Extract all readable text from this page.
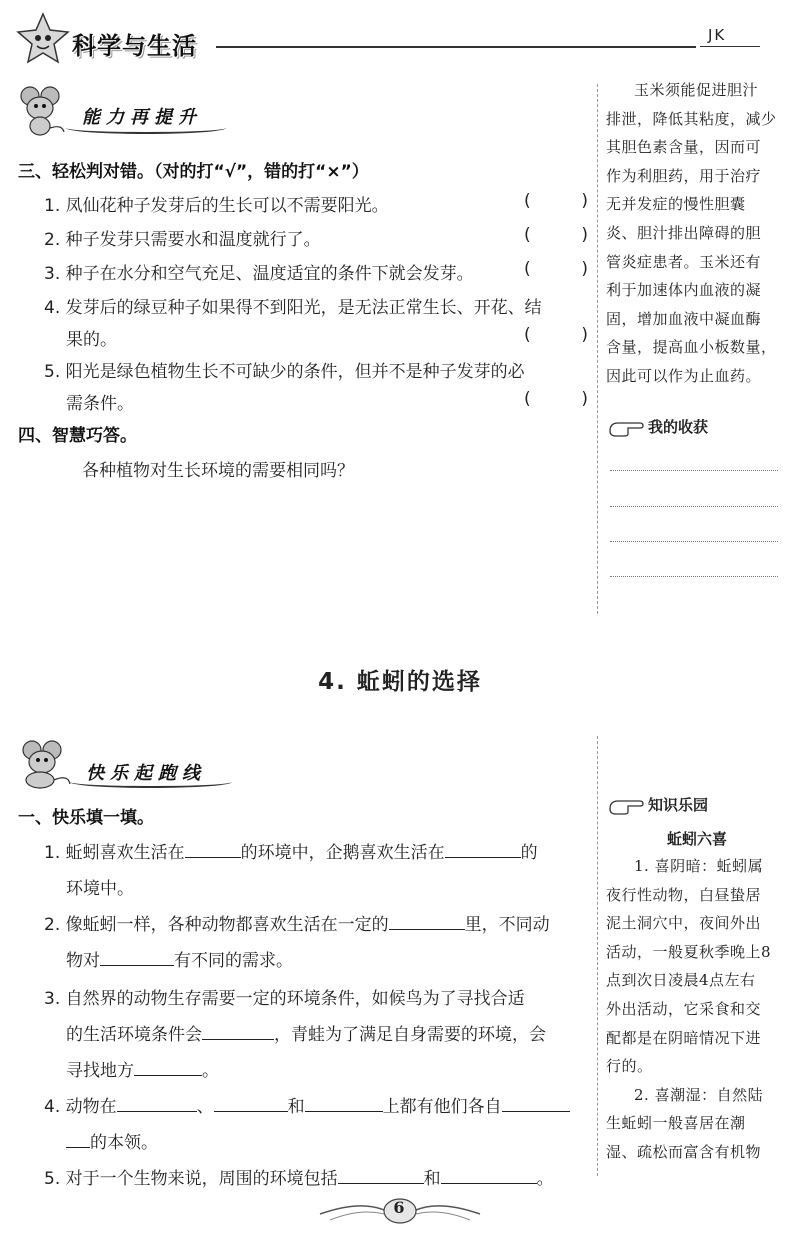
科学与生活	JK
能力再提升
玉米须能促进胆汁
排泄，降低其粘度，减少
其胆色素含量，因而可
作为利胆药，用于治疗
无并发症的慢性胆囊
炎、胆汁排出障碍的胆
管炎症患者。玉米还有
利于加速体内血液的凝
固，增加血液中凝血酶
含量，提高血小板数量，
因此可以作为止血药。
我的收获
三、轻松判对错。（对的打“√”，错的打“×”）
1. 凤仙花种子发芽后的生长可以不需要阳光。	(	)
2. 种子发芽只需要水和温度就行了。	(	)
3. 种子在水分和空气充足、温度适宜的条件下就会发芽。	(	)
4. 发芽后的绿豆种子如果得不到阳光，是无法正常生长、开花、结
果的。	(	)
5. 阳光是绿色植物生长不可缺少的条件，但并不是种子发芽的必
需条件。	(	)
四、智慧巧答。
各种植物对生长环境的需要相同吗？
4. 蚯蚓的选择
快乐起跑线
知识乐园
蚯蚓六喜
1. 喜阴暗：蚯蚓属
夜行性动物，白昼蛰居
泥土洞穴中，夜间外出
活动，一般夏秋季晚上8
点到次日凌晨4点左右
外出活动，它采食和交
配都是在阴暗情况下进
行的。
2. 喜潮湿：自然陆
生蚯蚓一般喜居在潮
湿、疏松而富含有机物
一、快乐填一填。
1. 蚯蚓喜欢生活在	的环境中，企鹅喜欢生活在	的
环境中。
2. 像蚯蚓一样，各种动物都喜欢生活在一定的	里，不同动
物对	有不同的需求。
3. 自然界的动物生存需要一定的环境条件，如候鸟为了寻找合适
的生活环境条件会	，青蛙为了满足自身需要的环境，会
寻找地方	。
4. 动物在	、	和	上都有他们各自
的本领。
5. 对于一个生物来说，周围的环境包括	和	。
6
